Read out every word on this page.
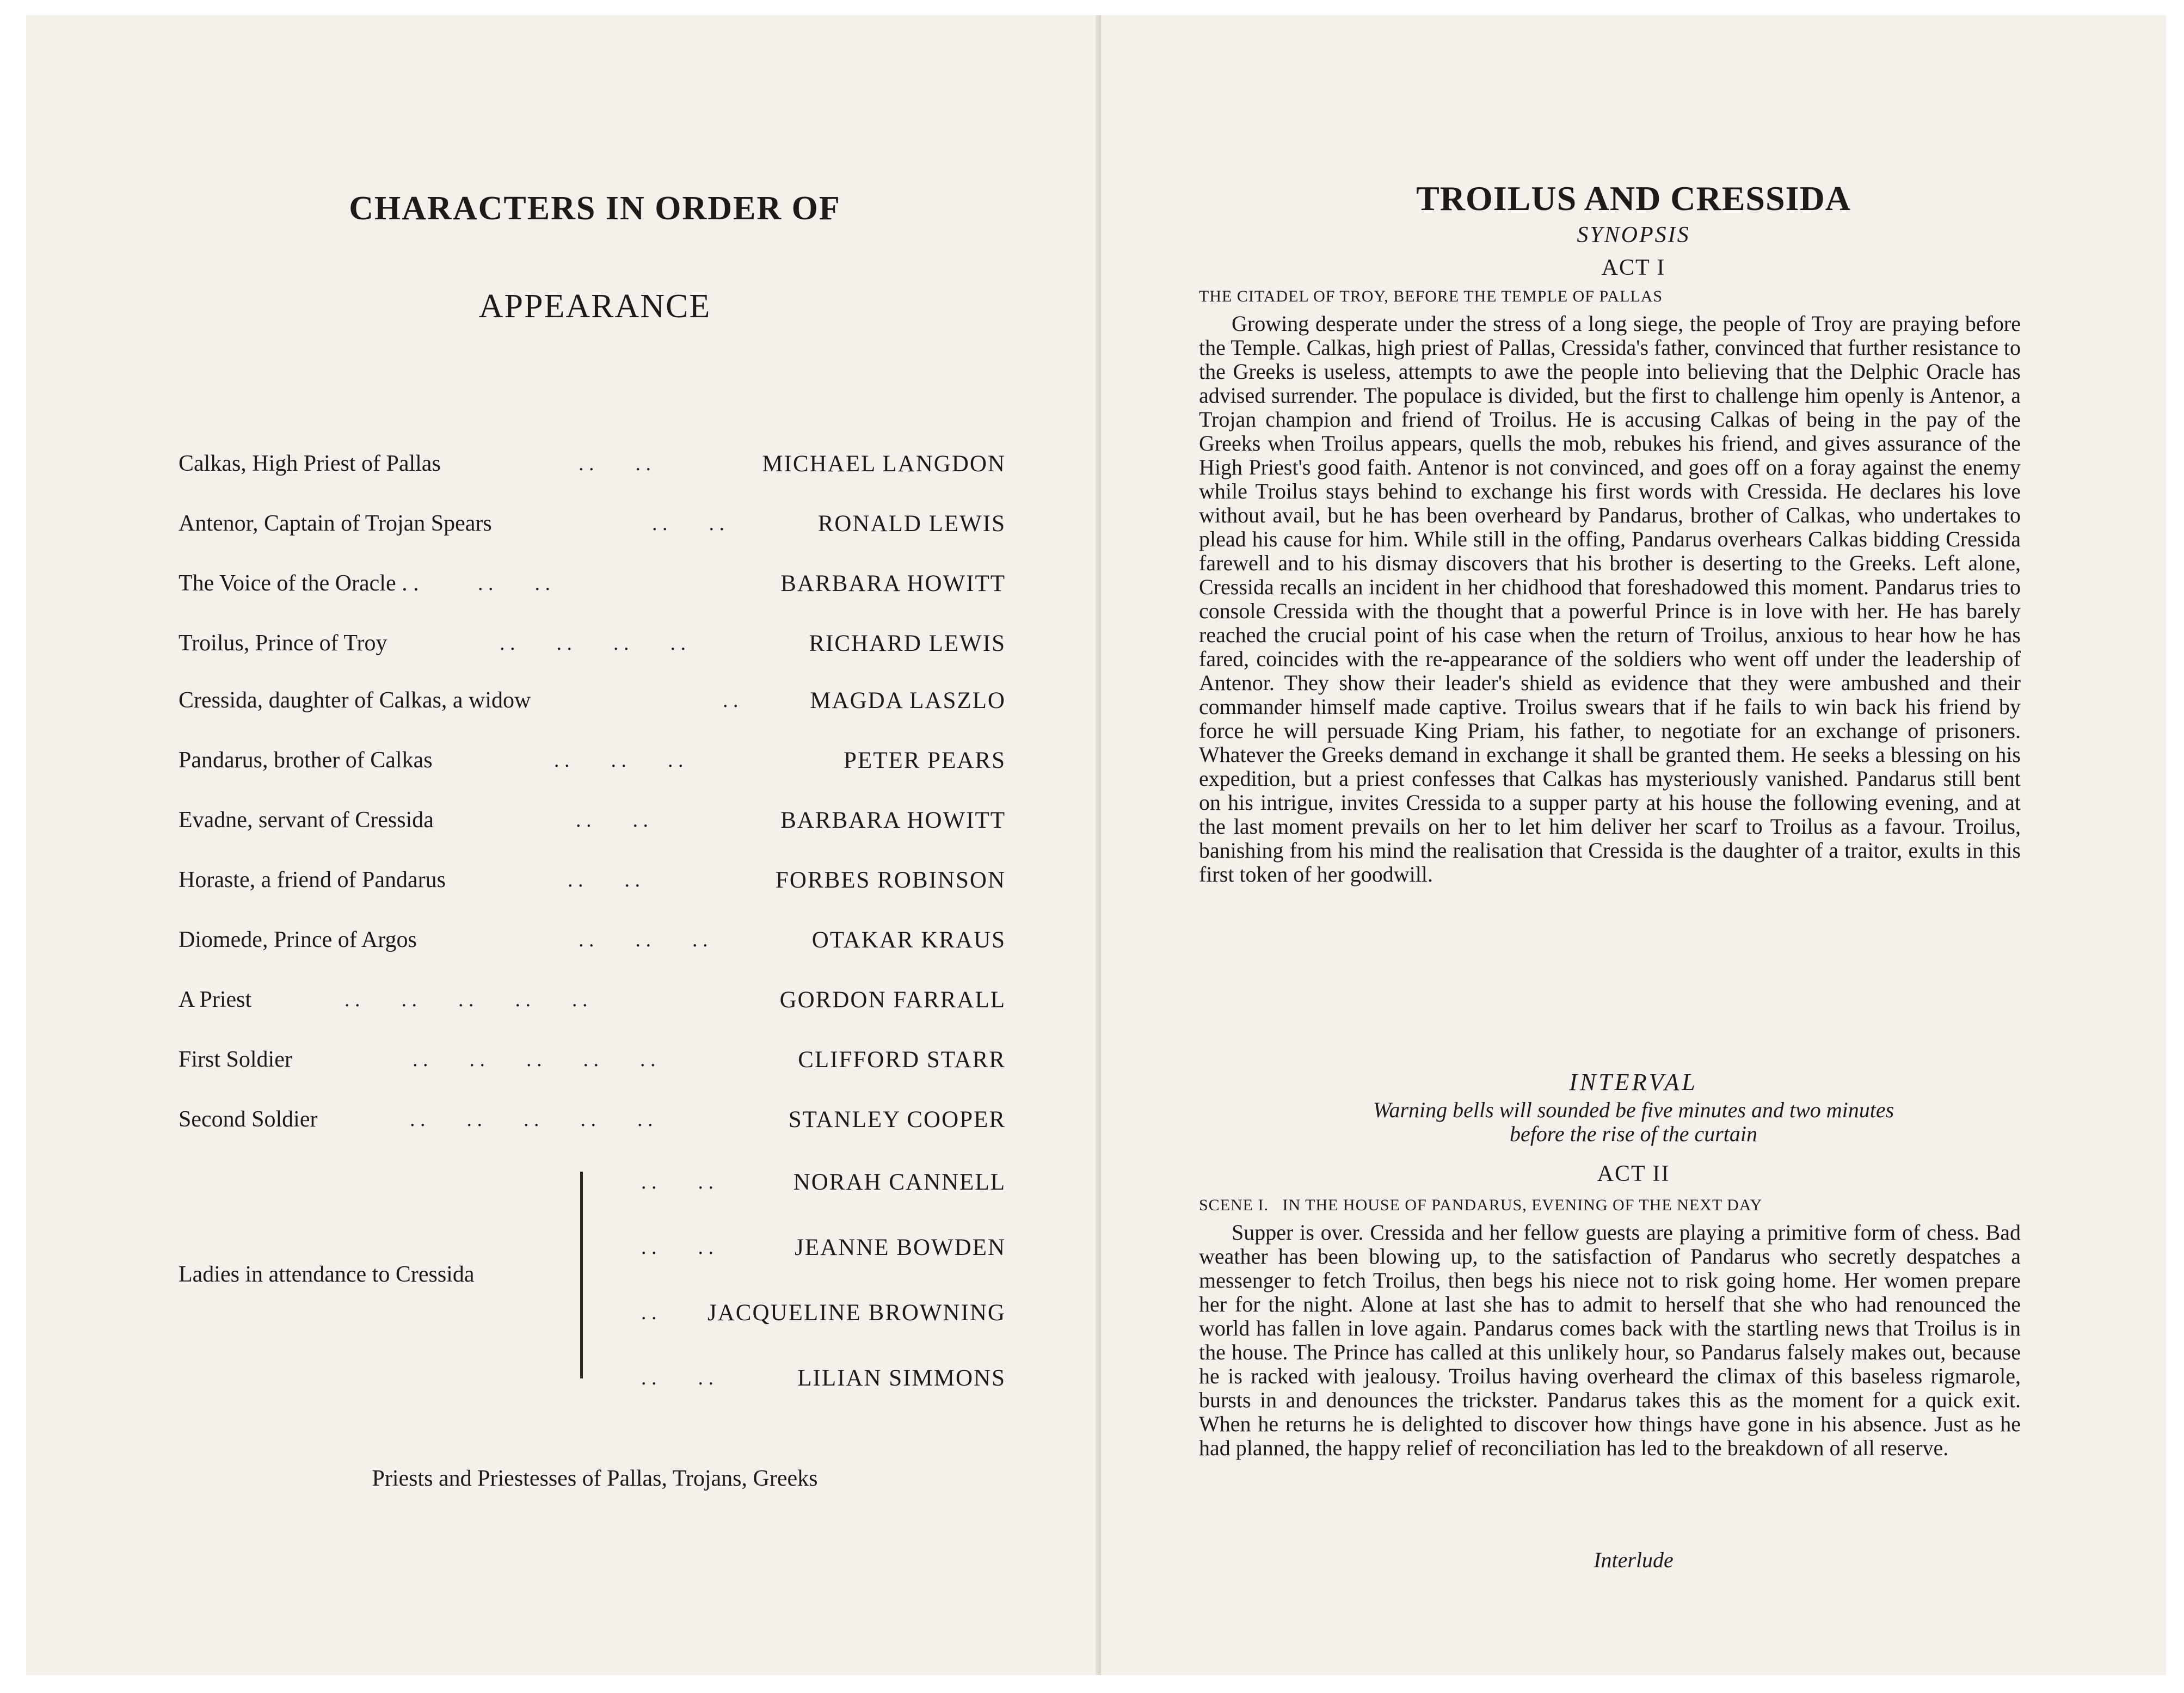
CHARACTERS IN ORDER OF
APPEARANCE
Calkas, High Priest of Pallas	. .        . .	MICHAEL LANGDON
Antenor, Captain of Trojan Spears	. .        . .	RONALD LEWIS
The Voice of the Oracle . .	. .        . .	BARBARA HOWITT
Troilus, Prince of Troy	. .        . .        . .        . .	RICHARD LEWIS
Cressida, daughter of Calkas, a widow	. .	MAGDA LASZLO
Pandarus, brother of Calkas	. .        . .        . .	PETER PEARS
Evadne, servant of Cressida	. .        . .	BARBARA HOWITT
Horaste, a friend of Pandarus	. .        . .	FORBES ROBINSON
Diomede, Prince of Argos	. .        . .        . .	OTAKAR KRAUS
A Priest	. .        . .        . .        . .        . .	GORDON FARRALL
First Soldier	. .        . .        . .        . .        . .	CLIFFORD STARR
Second Soldier	. .        . .        . .        . .        . .	STANLEY COOPER
Ladies in attendance to Cressida
. .        . .	NORAH CANNELL
. .        . .	JEANNE BOWDEN
. . JACQUELINE BROWNING
. .        . .	LILIAN SIMMONS
Priests and Priestesses of Pallas, Trojans, Greeks
TROILUS AND CRESSIDA
SYNOPSIS
ACT I
THE CITADEL OF TROY, BEFORE THE TEMPLE OF PALLAS

Growing desperate under the stress of a long siege, the people of Troy are praying before the Temple. Calkas, high priest of Pallas, Cressida's father, convinced that further resistance to the Greeks is useless, attempts to awe the people into believing that the Delphic Oracle has advised surrender. The populace is divided, but the first to challenge him openly is Antenor, a Trojan champion and friend of Troilus. He is accusing Calkas of being in the pay of the Greeks when Troilus appears, quells the mob, rebukes his friend, and gives assurance of the High Priest's good faith. Antenor is not convinced, and goes off on a foray against the enemy while Troilus stays behind to exchange his first words with Cressida. He declares his love without avail, but he has been overheard by Pandarus, brother of Calkas, who undertakes to plead his cause for him. While still in the offing, Pandarus overhears Calkas bidding Cressida farewell and to his dismay discovers that his brother is deserting to the Greeks. Left alone, Cressida recalls an incident in her chidhood that foreshadowed this moment. Pandarus tries to console Cressida with the thought that a powerful Prince is in love with her. He has barely reached the crucial point of his case when the return of Troilus, anxious to hear how he has fared, coincides with the re-appearance of the soldiers who went off under the leadership of Antenor. They show their leader's shield as evidence that they were ambushed and their commander himself made captive. Troilus swears that if he fails to win back his friend by force he will persuade King Priam, his father, to negotiate for an exchange of prisoners. Whatever the Greeks demand in exchange it shall be granted them. He seeks a blessing on his expedition, but a priest confesses that Calkas has mysteriously vanished. Pandarus still bent on his intrigue, invites Cressida to a supper party at his house the following evening, and at the last moment prevails on her to let him deliver her scarf to Troilus as a favour. Troilus, banishing from his mind the realisation that Cressida is the daughter of a traitor, exults in this first token of her goodwill.

INTERVAL
Warning bells will sounded be five minutes and two minutes
before the rise of the curtain
ACT II
SCENE I.   IN THE HOUSE OF PANDARUS, EVENING OF THE NEXT DAY

Supper is over. Cressida and her fellow guests are playing a primitive form of chess. Bad weather has been blowing up, to the satisfaction of Pandarus who secretly despatches a messenger to fetch Troilus, then begs his niece not to risk going home. Her women prepare her for the night. Alone at last she has to admit to herself that she who had renounced the world has fallen in love again. Pandarus comes back with the startling news that Troilus is in the house. The Prince has called at this unlikely hour, so Pandarus falsely makes out, because he is racked with jealousy. Troilus having overheard the climax of this baseless rigmarole, bursts in and denounces the trickster. Pandarus takes this as the moment for a quick exit. When he returns he is delighted to discover how things have gone in his absence. Just as he had planned, the happy relief of reconciliation has led to the breakdown of all reserve.

Interlude
